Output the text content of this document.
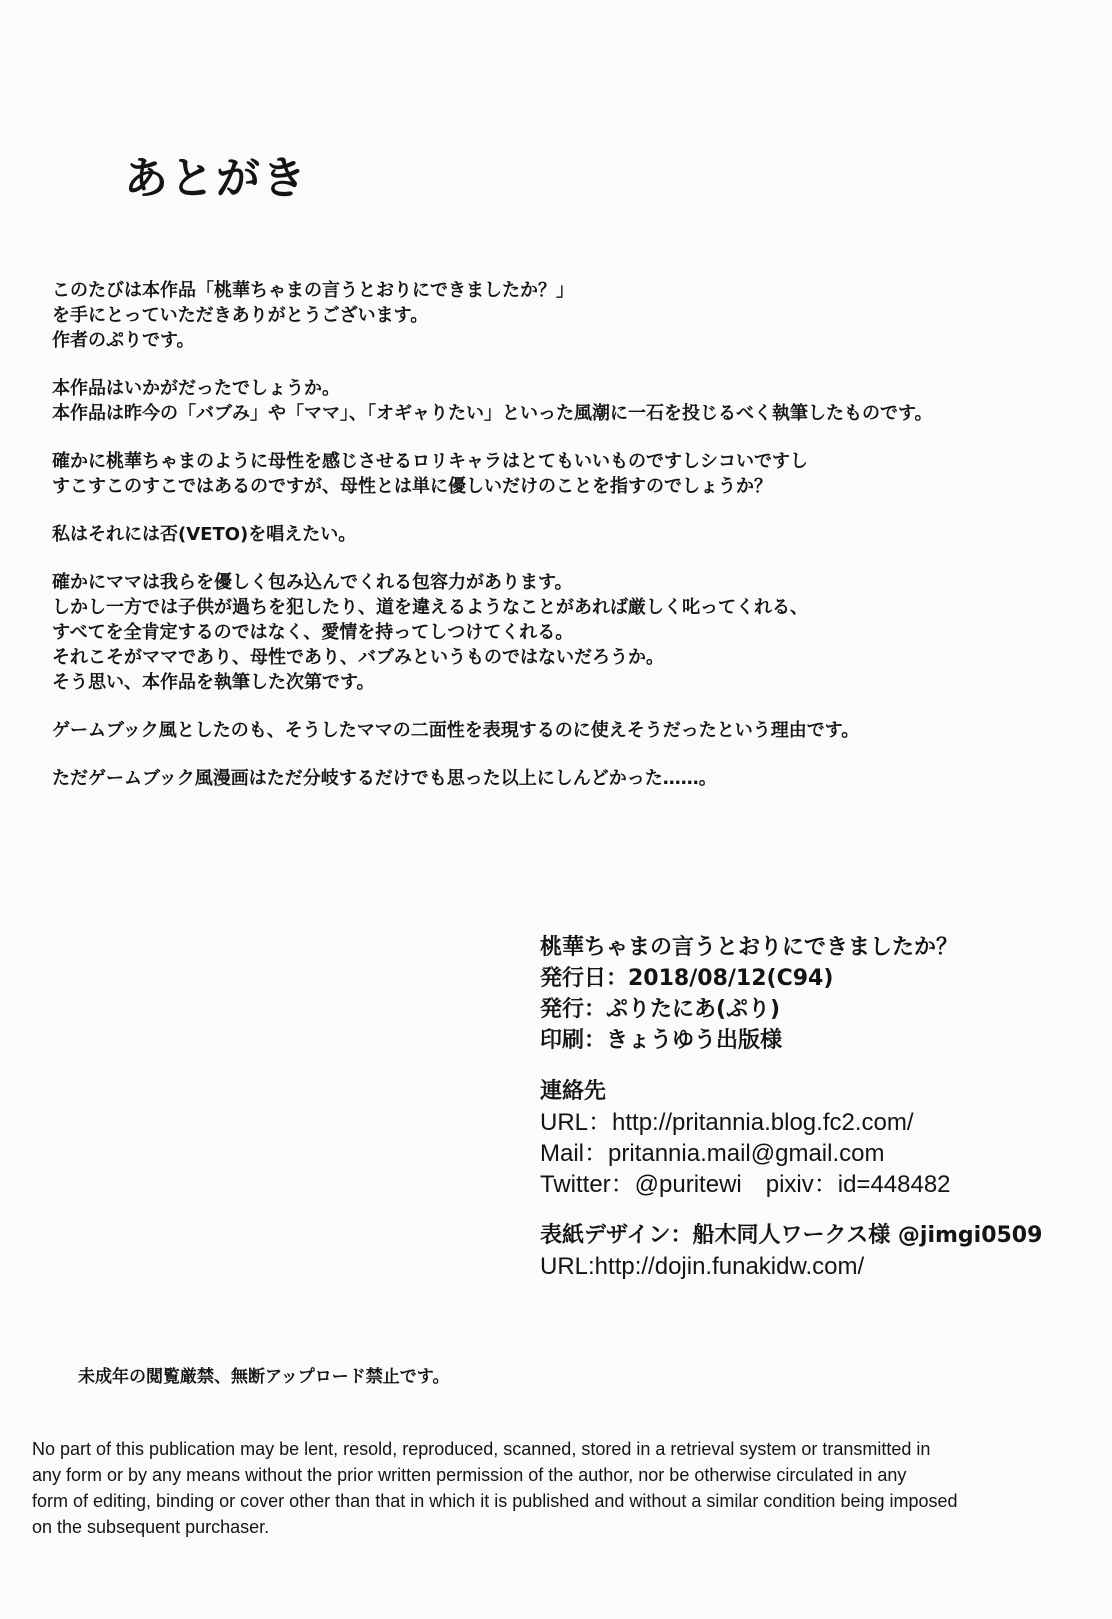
あとがき

このたびは本作品「桃華ちゃまの言うとおりにできましたか？」
を手にとっていただきありがとうございます。
作者のぷりです。

本作品はいかがだったでしょうか。
本作品は昨今の「バブみ」や「ママ」、「オギャりたい」といった風潮に一石を投じるべく執筆したものです。

確かに桃華ちゃまのように母性を感じさせるロリキャラはとてもいいものですしシコいですし
すこすこのすこではあるのですが、母性とは単に優しいだけのことを指すのでしょうか？

私はそれには否(VETO)を唱えたい。

確かにママは我らを優しく包み込んでくれる包容力があります。
しかし一方では子供が過ちを犯したり、道を違えるようなことがあれば厳しく叱ってくれる、
すべてを全肯定するのではなく、愛情を持ってしつけてくれる。
それこそがママであり、母性であり、バブみというものではないだろうか。
そう思い、本作品を執筆した次第です。

ゲームブック風としたのも、そうしたママの二面性を表現するのに使えそうだったという理由です。

ただゲームブック風漫画はただ分岐するだけでも思った以上にしんどかった……。

桃華ちゃまの言うとおりにできましたか？
発行日：2018/08/12(C94)
発行：ぷりたにあ(ぷり)
印刷：きょうゆう出版様
連絡先
URL：http://pritannia.blog.fc2.com/
Mail：pritannia.mail@gmail.com
Twitter：@puritewi　pixiv：id=448482
表紙デザイン：船木同人ワークス様 @jimgi0509
URL:http://dojin.funakidw.com/

未成年の閲覧厳禁、無断アップロード禁止です。

No part of this publication may be lent, resold, reproduced, scanned, stored in a retrieval system or transmitted in
any form or by any means without the prior written permission of the author, nor be otherwise circulated in any
form of editing, binding or cover other than that in which it is published and without a similar condition being imposed
on the subsequent purchaser.
